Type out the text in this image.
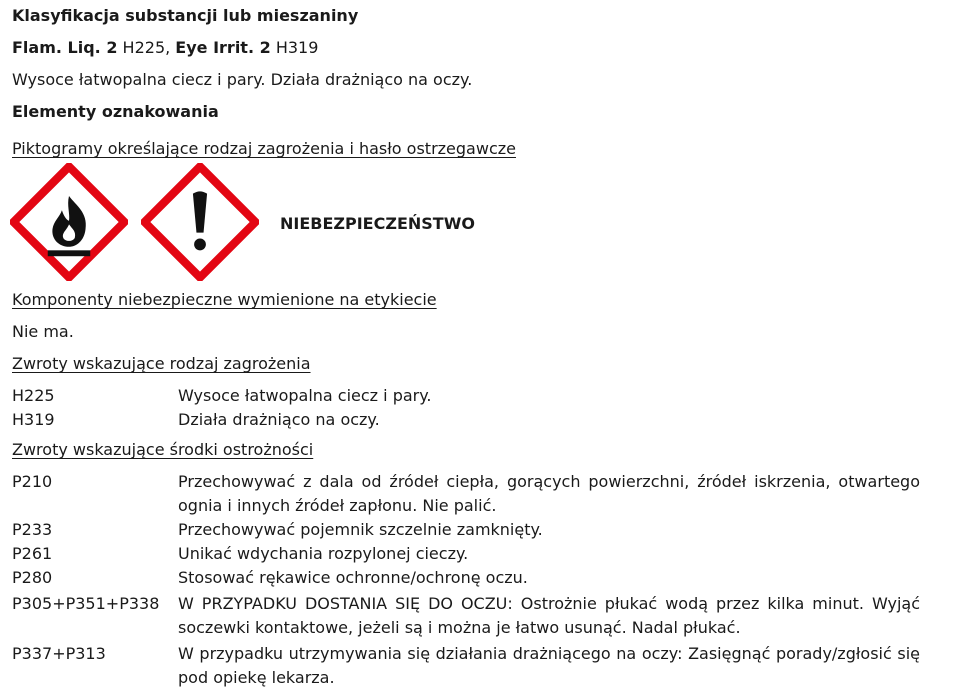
Klasyfikacja substancji lub mieszaniny
Flam. Liq. 2 H225, Eye Irrit. 2 H319
Wysoce łatwopalna ciecz i pary. Działa drażniąco na oczy.
Elementy oznakowania
Piktogramy określające rodzaj zagrożenia i hasło ostrzegawcze
NIEBEZPIECZEŃSTWO
Komponenty niebezpieczne wymienione na etykiecie
Nie ma.
Zwroty wskazujące rodzaj zagrożenia
H225	Wysoce łatwopalna ciecz i pary.
H319	Działa drażniąco na oczy.
Zwroty wskazujące środki ostrożności
P210	Przechowywać z dala od źródeł ciepła, gorących powierzchni, źródeł iskrzenia, otwartego ognia i innych źródeł zapłonu. Nie palić.
P233	Przechowywać pojemnik szczelnie zamknięty.
P261	Unikać wdychania rozpylonej cieczy.
P280	Stosować rękawice ochronne/ochronę oczu.
P305+P351+P338 W PRZYPADKU DOSTANIA SIĘ DO OCZU: Ostrożnie płukać wodą przez kilka minut. Wyjąć soczewki kontaktowe, jeżeli są i można je łatwo usunąć. Nadal płukać.
P337+P313	W przypadku utrzymywania się działania drażniącego na oczy: Zasięgnąć porady/zgłosić się pod opiekę lekarza.
